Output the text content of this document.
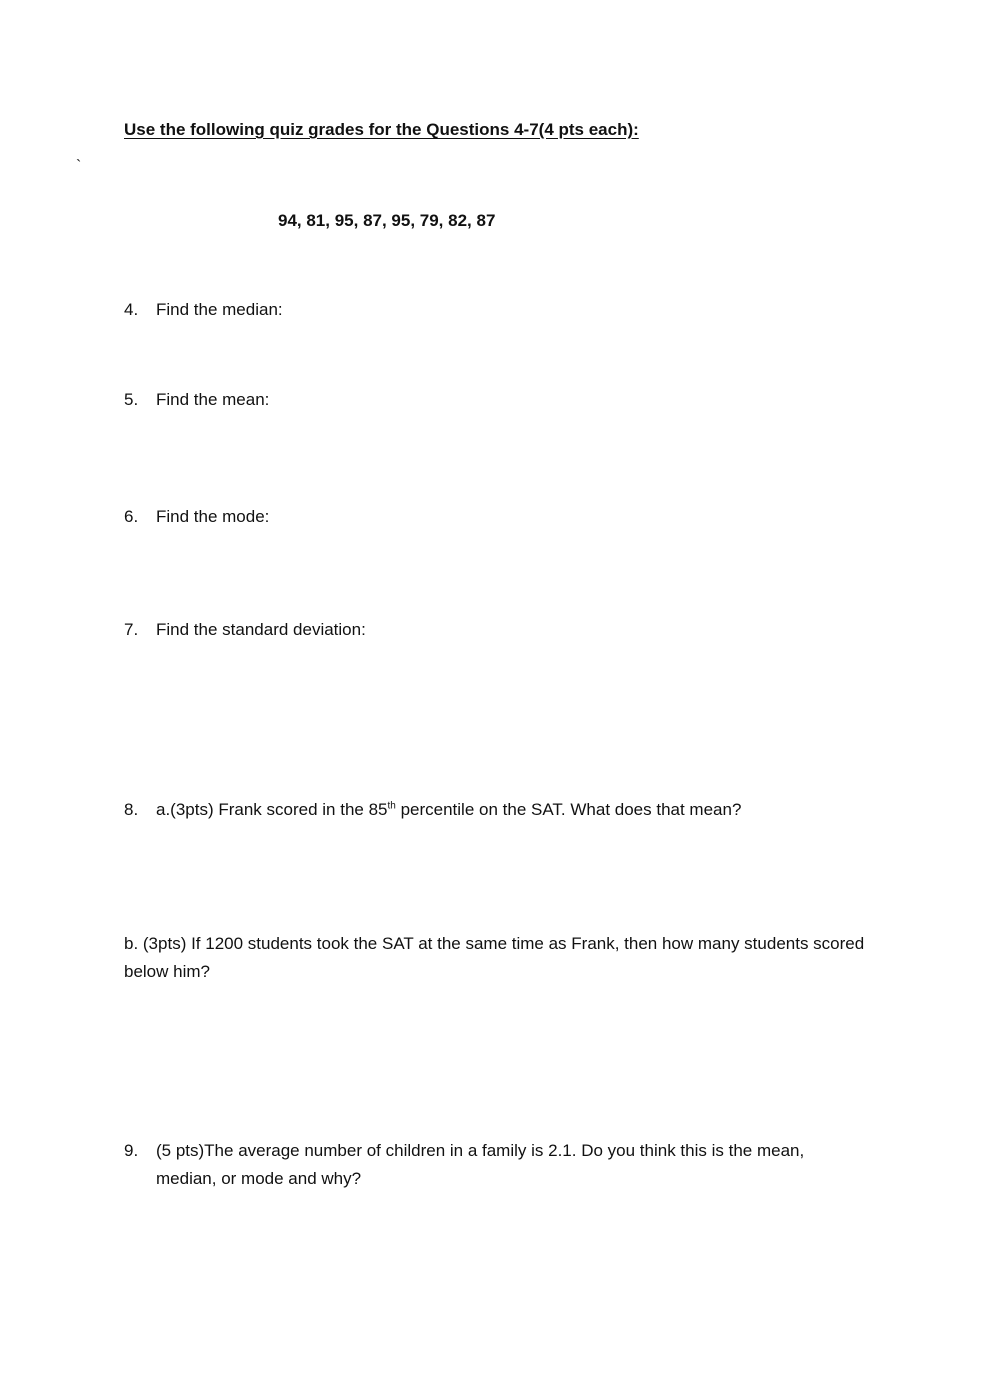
Use the following quiz grades for the Questions 4-7(4 pts each):
`
94, 81, 95, 87, 95, 79, 82, 87
4. Find the median:
5. Find the mean:
6. Find the mode:
7. Find the standard deviation:
8. a.(3pts) Frank scored in the 85th percentile on the SAT. What does that mean?
b. (3pts) If 1200 students took the SAT at the same time as Frank, then how many students scored
below him?
9. (5 pts)The average number of children in a family is 2.1. Do you think this is the mean,
median, or mode and why?
